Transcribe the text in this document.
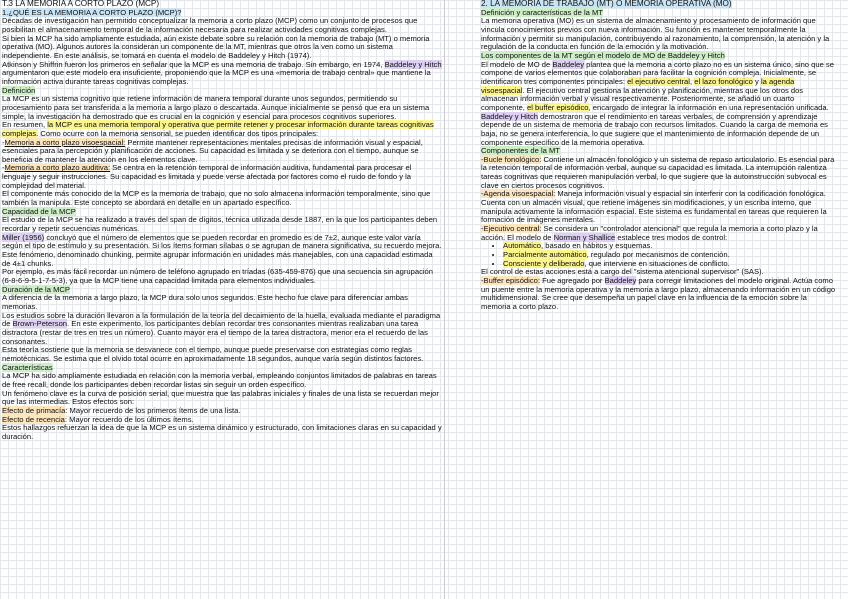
T.3 LA MEMORIA A CORTO PLAZO (MCP)

1.¿QUÉ ES LA MEMORIA A CORTO PLAZO (MCP)?

Décadas de investigación han permitido conceptualizar la memoria a corto plazo (MCP) como un conjunto de procesos que posibilitan el almacenamiento temporal de la información necesaria para realizar actividades cognitivas complejas.

Si bien la MCP ha sido ampliamente estudiada, aún existe debate sobre su relación con la memoria de trabajo (MT) o memoria operativa (MO). Algunos autores la consideran un componente de la MT, mientras que otros la ven como un sistema independiente. En este análisis, se tomará en cuenta el modelo de Baddeley y Hitch (1974).

Atkinson y Shiffrin fueron los primeros en señalar que la MCP es una memoria de trabajo. Sin embargo, en 1974, Baddeley y Hitch argumentaron que este modelo era insuficiente, proponiendo que la MCP es una «memoria de trabajo central» que mantiene la información activa durante tareas cognitivas complejas.

Definición

La MCP es un sistema cognitivo que retiene información de manera temporal durante unos segundos, permitiendo su procesamiento para ser transferida a la memoria a largo plazo o descartada. Aunque inicialmente se pensó que era un sistema simple, la investigación ha demostrado que es crucial en la cognición y esencial para procesos cognitivos superiores.

En resumen, la MCP es una memoria temporal y operativa que permite retener y procesar información durante tareas cognitivas complejas. Como ocurre con la memoria sensorial, se pueden identificar dos tipos principales:

-Memoria a corto plazo visoespacial: Permite mantener representaciones mentales precisas de información visual y espacial, esenciales para la percepción y planificación de acciones. Su capacidad es limitada y se deteriora con el tiempo, aunque se beneficia de mantener la atención en los elementos clave.

-Memoria a corto plazo auditiva: Se centra en la retención temporal de información auditiva, fundamental para procesar el lenguaje y seguir instrucciones. Su capacidad es limitada y puede verse afectada por factores como el ruido de fondo y la complejidad del material.

El componente más conocido de la MCP es la memoria de trabajo, que no solo almacena información temporalmente, sino que también la manipula. Este concepto se abordará en detalle en un apartado específico.

Capacidad de la MCP

El estudio de la MCP se ha realizado a través del span de dígitos, técnica utilizada desde 1887, en la que los participantes deben recordar y repetir secuencias numéricas.

Miller (1956) concluyó que el número de elementos que se pueden recordar en promedio es de 7±2, aunque este valor varía según el tipo de estímulo y su presentación. Si los ítems forman sílabas o se agrupan de manera significativa, su recuerdo mejora. Este fenómeno, denominado chunking, permite agrupar información en unidades más manejables, con una capacidad estimada de 4±1 chunks.

Por ejemplo, es más fácil recordar un número de teléfono agrupado en tríadas (635-459-876) que una secuencia sin agrupación (6-8-6-9-5-1-7-5-3), ya que la MCP tiene una capacidad limitada para elementos individuales.

Duración de la MCP

A diferencia de la memoria a largo plazo, la MCP dura solo unos segundos. Este hecho fue clave para diferenciar ambas memorias.

Los estudios sobre la duración llevaron a la formulación de la teoría del decaimiento de la huella, evaluada mediante el paradigma de Brown-Peterson. En este experimento, los participantes debían recordar tres consonantes mientras realizaban una tarea distractora (restar de tres en tres un número). Cuanto mayor era el tiempo de la tarea distractora, menor era el recuerdo de las consonantes.

Esta teoría sostiene que la memoria se desvanece con el tiempo, aunque puede preservarse con estrategias como reglas nemotécnicas. Se estima que el olvido total ocurre en aproximadamente 18 segundos, aunque varía según distintos factores.

Características

La MCP ha sido ampliamente estudiada en relación con la memoria verbal, empleando conjuntos limitados de palabras en tareas de free recall, donde los participantes deben recordar listas sin seguir un orden específico.

Un fenómeno clave es la curva de posición serial, que muestra que las palabras iniciales y finales de una lista se recuerdan mejor que las intermedias. Estos efectos son:

Efecto de primacía: Mayor recuerdo de los primeros ítems de una lista.

Efecto de recencia: Mayor recuerdo de los últimos ítems.

Estos hallazgos refuerzan la idea de que la MCP es un sistema dinámico y estructurado, con limitaciones claras en su capacidad y duración.

2. LA MEMORIA DE TRABAJO (MT) O MEMORIA OPERATIVA (MO)

Definición y características de la MT

La memoria operativa (MO) es un sistema de almacenamiento y procesamiento de información que vincula conocimientos previos con nueva información. Su función es mantener temporalmente la información y permitir su manipulación, contribuyendo al razonamiento, la comprensión, la atención y la regulación de la conducta en función de la emoción y la motivación.

Los componentes de la MT según el modelo de MO de Baddeley y Hitch

El modelo de MO de Baddeley plantea que la memoria a corto plazo no es un sistema único, sino que se compone de varios elementos que colaboraban para facilitar la cognición compleja. Inicialmente, se identificaron tres componentes principales: el ejecutivo central, el lazo fonológico y la agenda visoespacial. El ejecutivo central gestiona la atención y planificación, mientras que los otros dos almacenan información verbal y visual respectivamente. Posteriormente, se añadió un cuarto componente, el buffer episódico, encargado de integrar la información en una representación unificada.

Baddeley y Hitch demostraron que el rendimiento en tareas verbales, de comprensión y aprendizaje depende de un sistema de memoria de trabajo con recursos limitados. Cuando la carga de memoria es baja, no se genera interferencia, lo que sugiere que el mantenimiento de información depende de un componente específico de la memoria operativa.

Componentes de la MT

-Bucle fonológico: Contiene un almacén fonológico y un sistema de repaso articulatorio. Es esencial para la retención temporal de información verbal, aunque su capacidad es limitada. La interrupción ralentiza tareas cognitivas que requieren manipulación verbal, lo que sugiere que la autoinstrucción subvocal es clave en ciertos procesos cognitivos.

-Agenda visoespacial: Maneja información visual y espacial sin interferir con la codificación fonológica. Cuenta con un almacén visual, que retiene imágenes sin modificaciones, y un escriba interno, que manipula activamente la información espacial. Este sistema es fundamental en tareas que requieren la formación de imágenes mentales.

-Ejecutivo central: Se considera un "controlador atencional" que regula la memoria a corto plazo y la acción. El modelo de Norman y Shallice establece tres modos de control:

• Automático, basado en hábitos y esquemas.
• Parcialmente automático, regulado por mecanismos de contención.
• Consciente y deliberado, que interviene en situaciones de conflicto.

El control de estas acciones está a cargo del "sistema atencional supervisor" (SAS).

-Buffer episódico: Fue agregado por Baddeley para corregir limitaciones del modelo original. Actúa como un puente entre la memoria operativa y la memoria a largo plazo, almacenando información en un código multidimensional. Se cree que desempeña un papel clave en la influencia de la emoción sobre la memoria a corto plazo.
